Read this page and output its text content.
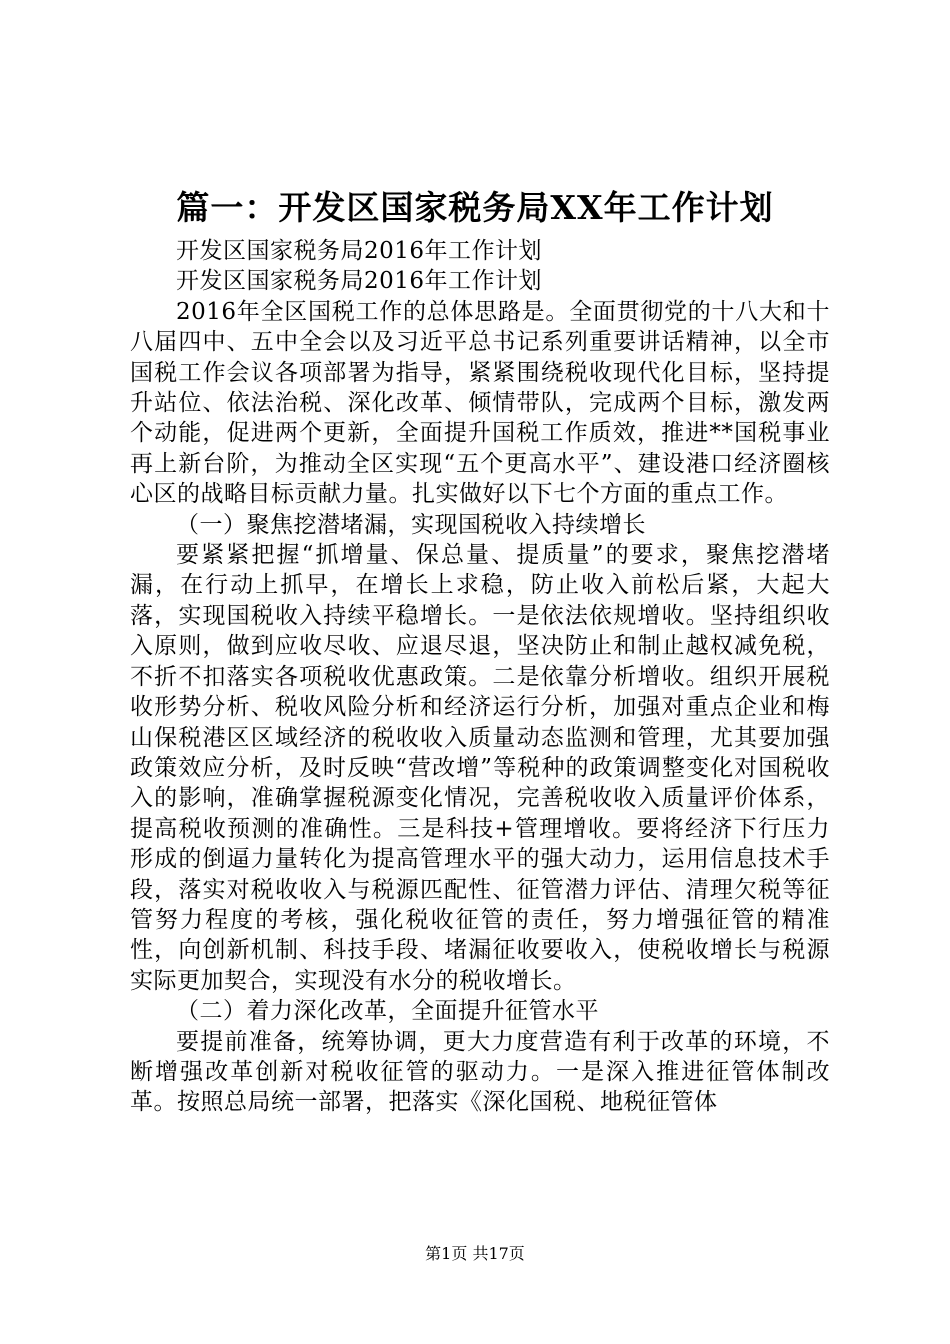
篇一：开发区国家税务局XX年工作计划

开发区国家税务局2016年工作计划

开发区国家税务局2016年工作计划

2016年全区国税工作的总体思路是。全面贯彻党的十八大和十八届四中、五中全会以及习近平总书记系列重要讲话精神，以全市国税工作会议各项部署为指导，紧紧围绕税收现代化目标，坚持提升站位、依法治税、深化改革、倾情带队，完成两个目标，激发两个动能，促进两个更新，全面提升国税工作质效，推进**国税事业再上新台阶，为推动全区实现“五个更高水平”、建设港口经济圈核心区的战略目标贡献力量。扎实做好以下七个方面的重点工作。

（一）聚焦挖潜堵漏，实现国税收入持续增长

要紧紧把握“抓增量、保总量、提质量”的要求，聚焦挖潜堵漏，在行动上抓早，在增长上求稳，防止收入前松后紧，大起大落，实现国税收入持续平稳增长。一是依法依规增收。坚持组织收入原则，做到应收尽收、应退尽退，坚决防止和制止越权减免税，不折不扣落实各项税收优惠政策。二是依靠分析增收。组织开展税收形势分析、税收风险分析和经济运行分析，加强对重点企业和梅山保税港区区域经济的税收收入质量动态监测和管理，尤其要加强政策效应分析，及时反映“营改增”等税种的政策调整变化对国税收入的影响，准确掌握税源变化情况，完善税收收入质量评价体系，提高税收预测的准确性。三是科技+管理增收。要将经济下行压力形成的倒逼力量转化为提高管理水平的强大动力，运用信息技术手段，落实对税收收入与税源匹配性、征管潜力评估、清理欠税等征管努力程度的考核，强化税收征管的责任，努力增强征管的精准性，向创新机制、科技手段、堵漏征收要收入，使税收增长与税源实际更加契合，实现没有水分的税收增长。

（二）着力深化改革，全面提升征管水平

要提前准备，统筹协调，更大力度营造有利于改革的环境，不断增强改革创新对税收征管的驱动力。一是深入推进征管体制改革。按照总局统一部署，把落实《深化国税、地税征管体

第1页 共17页
